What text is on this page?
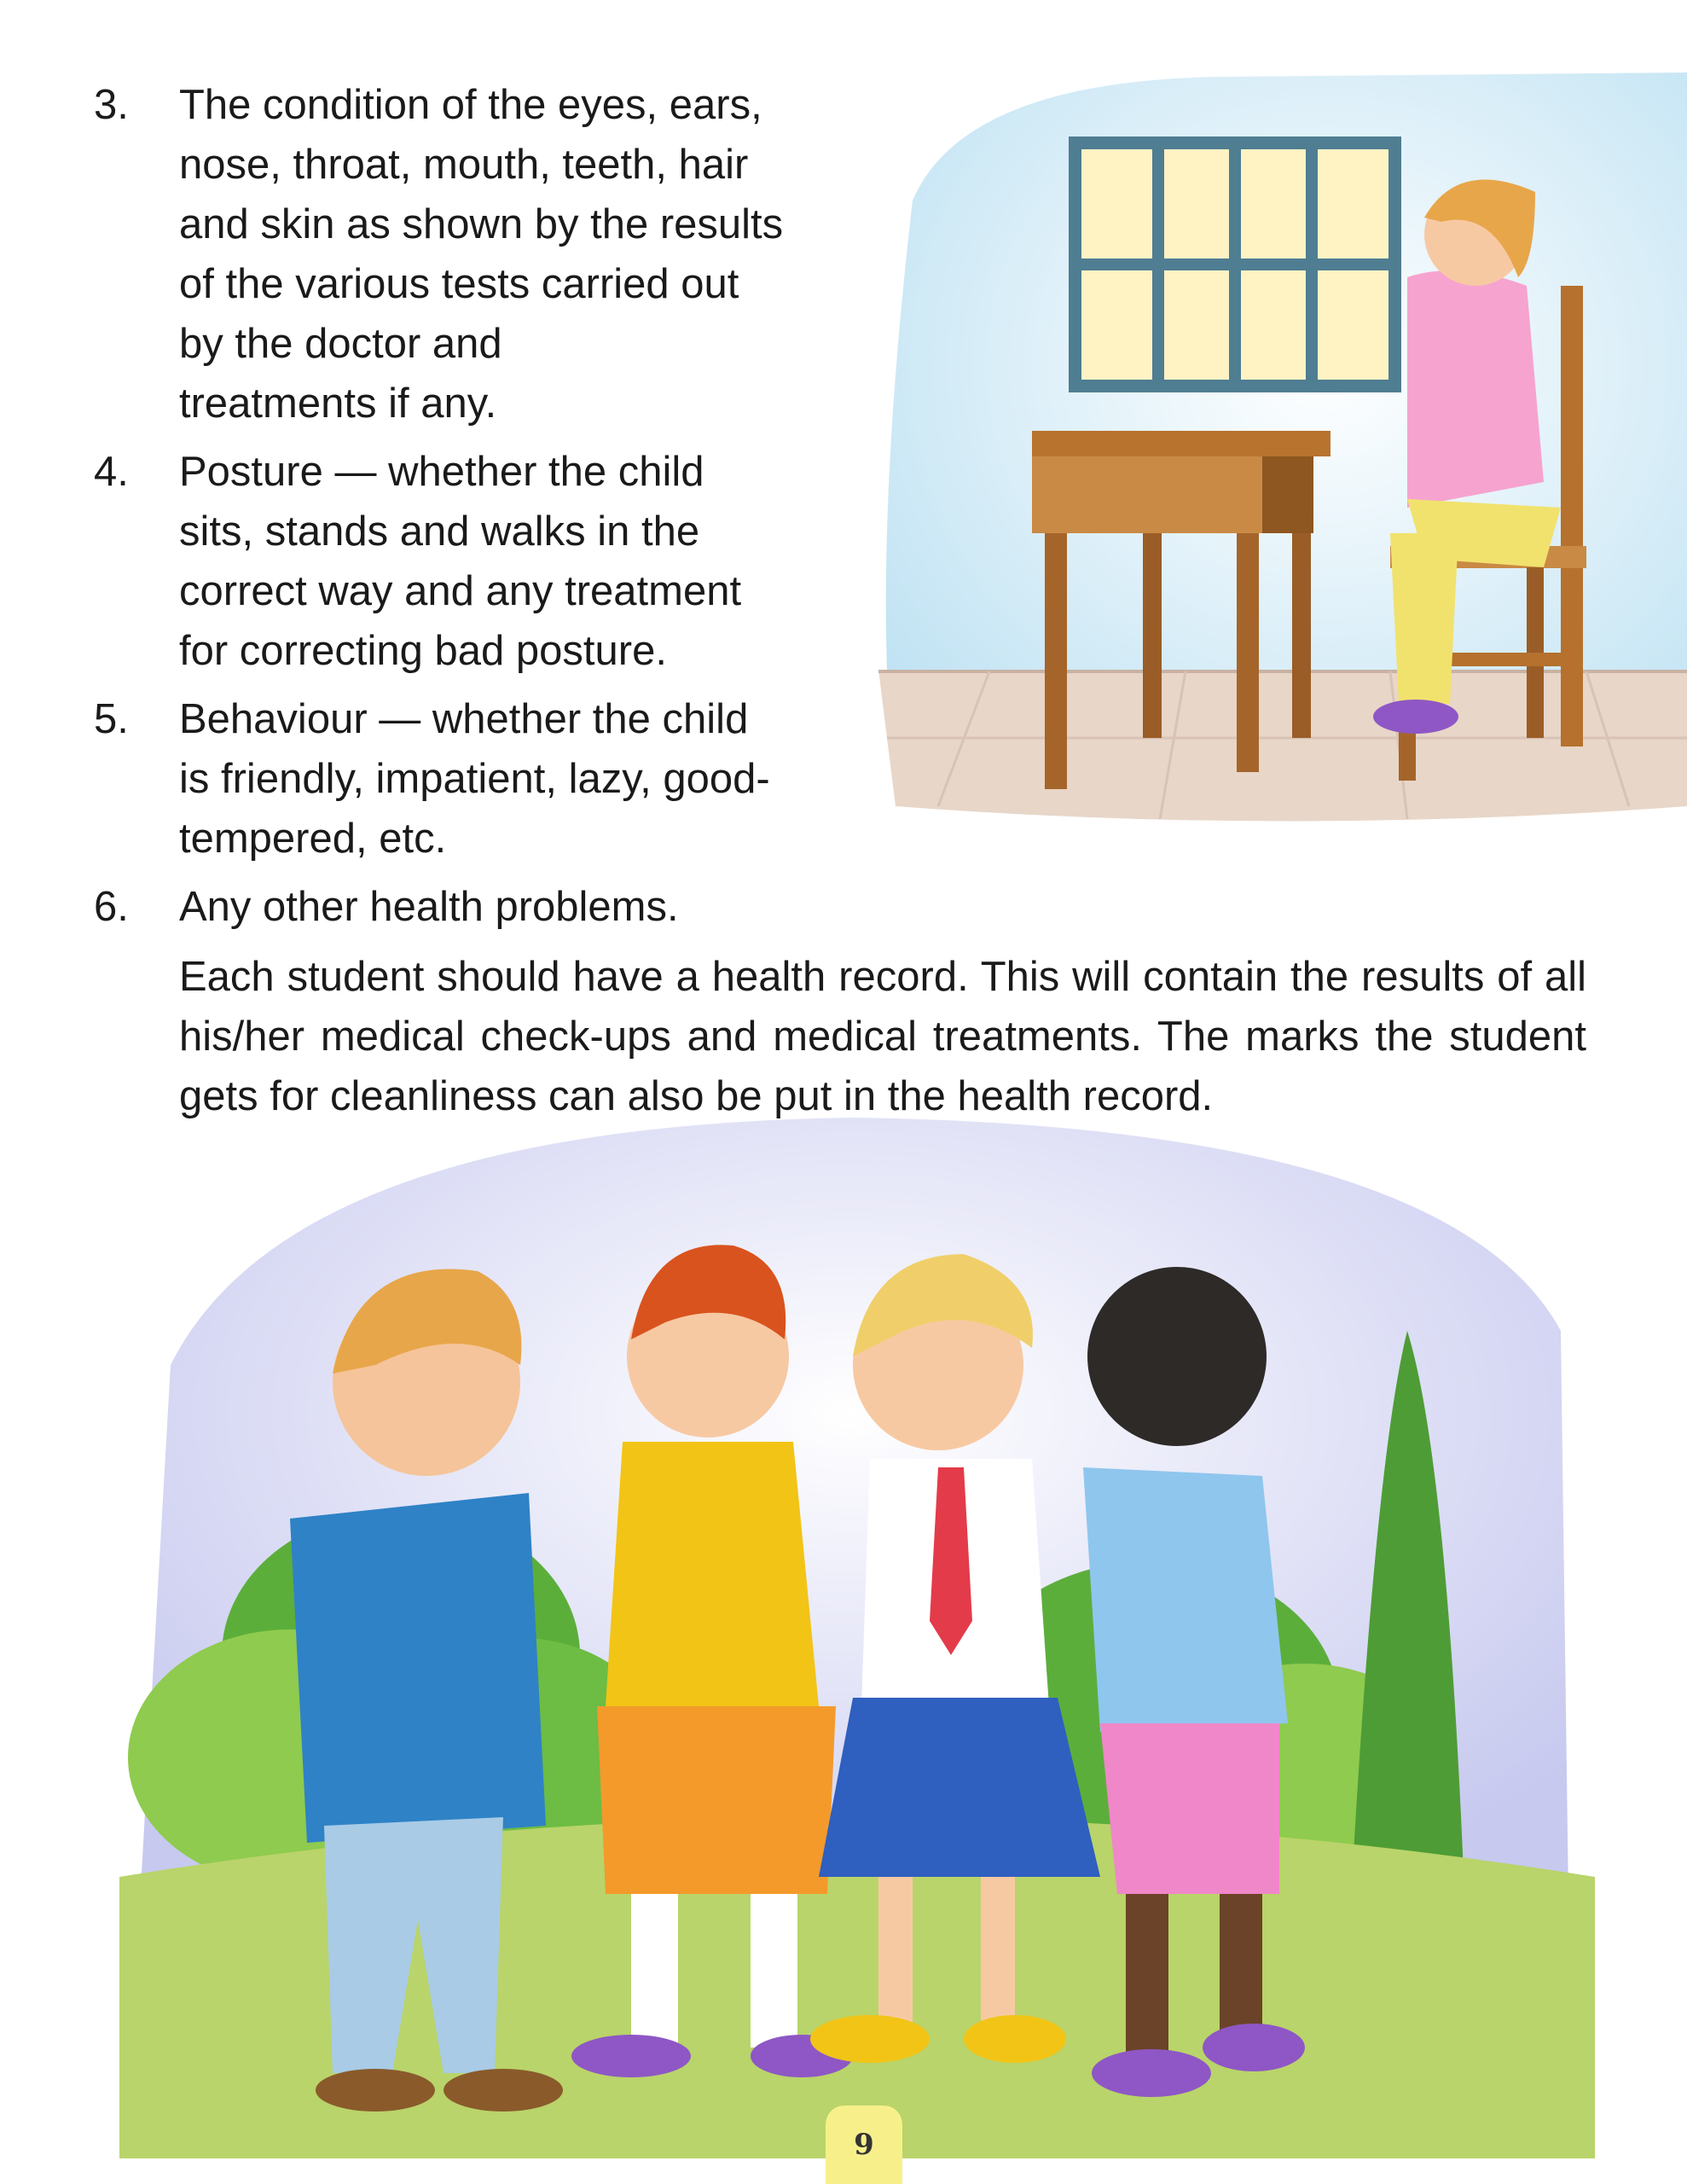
3.	The condition of the eyes, ears,
nose, throat, mouth, teeth, hair
and skin as shown by the results
of the various tests carried out
by the doctor and
treatments if any.
4.	Posture — whether the child
sits, stands and walks in the
correct way and any treatment
for correcting bad posture.
5.	Behaviour — whether the child
is friendly, impatient, lazy, good-
tempered, etc.
6.	Any other health problems.
Each student should have a health record. This will contain the results of all his/her medical check-ups and medical treatments. The marks the student gets for cleanliness can also be put in the health record.
9
